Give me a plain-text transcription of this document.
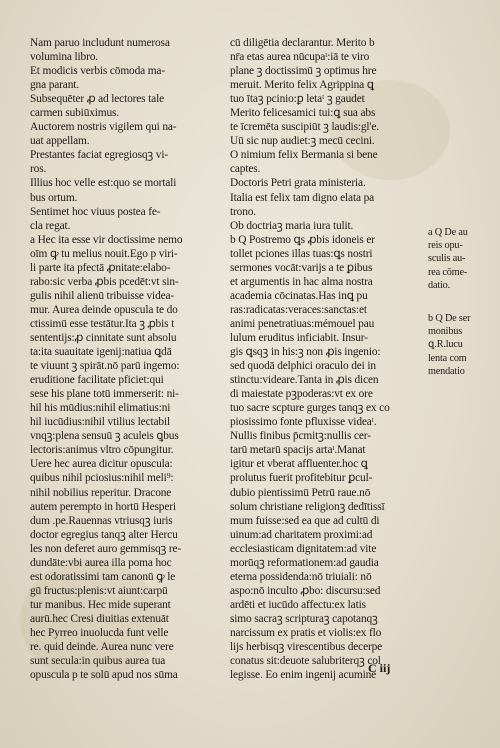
Nam paruo includunt numerosa
volumina libro.
Et modicis verbis cōmoda ma-
gna parant.
Subsequēter ꝓ ad lectores tale
carmen subiūximus.
Auctorem nostris vigilem qui na-
uat appellam.
Prestantes faciat egregiosqꝫ vi-
ros.
Illius hoc velle est:quo se mortali
bus ortum.
Sentimet hoc viuus postea fe-
cla regat.
a Hec ita esse vir doctissime nemo
oīm ꝙ tu melius nouit.Ego p viri-
li parte ita pfectā ꝓnitate:elabo-
rabo:sic verba ꝓbis pcedēt:vt sin-
gulis nihil alienū tribuisse videa-
mur. Aurea deinde opuscula te do
ctissimū esse testātur.Ita ꝫ ꝓbis t
sententijs:ꝓ cinnitate sunt absolu
ta:ita suauitate igenij:natiua ꝗdā
te viuunt ꝫ spirāt.nō parū ingemo:
eruditione facilitate pficiet:qui
sese his plane totū immerserit: ni-
hil his mūdius:nihil elimatius:ni
hil iucūdius:nihil vtilius lectabil
vnqꝫ:plena sensuū ꝫ aculeis ꝗbus
lectoris:animus vltro cōpungitur.
Uere hec aurea dicitur opuscula:
quibus nihil pciosius:nihil meli⁹:
nihil nobilius reperitur. Dracone
autem perempto in hortū Hesperi
dum .pe.Rauennas vtriusqꝫ iuris
doctor egregius tanqꝫ alter Hercu
les non deferet auro gemmisqꝫ re-
dundāte:vbi aurea illa poma hoc
est odoratissimi tam canonū ꝙ le
gū fructus:plenis:vt aiunt:carpū
tur manibus. Hec mide superant
aurū.hec Cresi diuitias extenuāt
hec Pyrreo inuolucda funt velle
re. quid deinde. Aurea nunc vere
sunt secula:in quibus aurea tua
opuscula p te solū apud nos sūma
cū diligētia declarantur. Merito b
nr̄a etas aurea nūcupaᵗ:iā te viro
plane ꝫ doctissimū ꝫ optimus hre
meruit. Merito felix Agrippina ꝗ
tuo ītaꝫ pcinio:ꝑ letaᵗ ꝫ gaudet
Merito felicesamici tui:ꝗ sua abs
te īcremēta suscipiūt ꝫ laudis:gl'e.
Uū sic nup audiet:ꝫ mecū cecini.
O nimium felix Bermania si bene
captes.
Doctoris Petri grata ministeria.
Italia est felix tam digno elata pa
trono.
Ob doctriaꝫ maria iura tulit.
b Q Postremo ꝗs ꝓbis idoneis er
tollet pciones illas tuas:ꝗs nostri
sermones vocāt:varijs a te ꝑibus
et argumentis in hac alma nostra
academia cōcinatas.Has inꝗ pu
ras:radicatas:veraces:sanctas:et
animi penetratiuas:mémouel pau
lulum eruditus inficiabit. Insur-
gis ꝗsqꝫ in his:ꝫ non ꝓis ingenio:
sed quodā delphici oraculo dei in
stinctu:videare.Tanta in ꝓis dicen
di maiestate pꝫpoderas:vt ex ore
tuo sacre scpture gurges tanqꝫ ex co
piosissimo fonte pfluxisse videaᵗ.
Nullis finibus p̄cmitꝫ:nullis cer-
tarū metarū spacijs artaᵗ.Manat
igitur et vberat affluenter.hoc ꝗ
prolutus fuerit profitebitur ꝑcul-
dubio pientissimū Petrū raue.nō
solum christiane religionꝫ dedītissī
mum fuisse:sed ea que ad cultū di
uinum:ad charitatem proximi:ad
ecclesiasticam dignitatem:ad vite
morūqꝫ reformationem:ad gaudia
eterna possidenda:nō triuiali: nō
aspo:nō inculto ꝓbo: discursu:sed
ardēti et iucūdo affectu:ex latis
simo sacraꝫ scripturaꝫ capotanqꝫ
narcissum ex pratis et violis:ex flo
lijs herbisqꝫ virescentibus decerpe
conatus sit:deuote salubriterqꝫ col
legisse. Eo enim ingenij acumine
a Q De au
reis opu-
sculis au-
rea cōme-
datio.
b Q De ser
monibus
ꝗ.R.lucu
lenta com
mendatio
C iij
